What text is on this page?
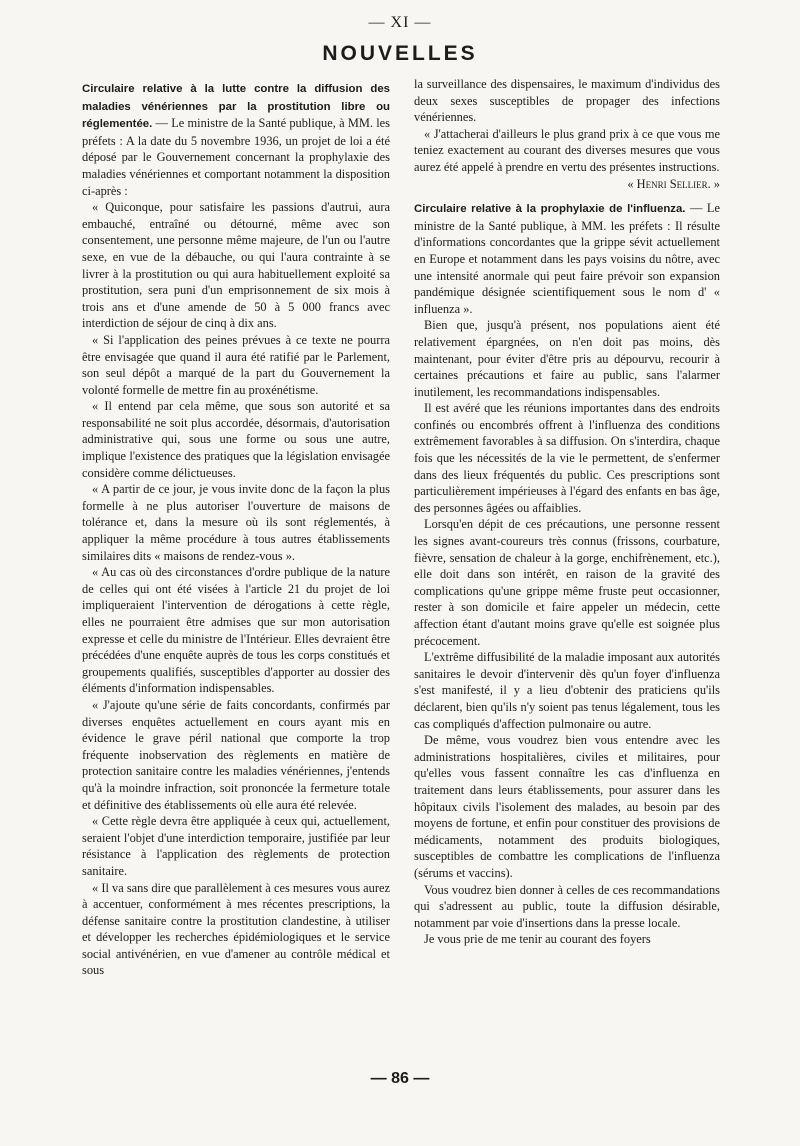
— XI —
NOUVELLES

Circulaire relative à la lutte contre la diffusion des maladies vénériennes par la prostitution libre ou réglementée. — Le ministre de la Santé publique, à MM. les préfets : A la date du 5 novembre 1936, un projet de loi a été déposé par le Gouvernement concernant la prophylaxie des maladies vénériennes et comportant notamment la disposition ci-après :

« Quiconque, pour satisfaire les passions d'autrui, aura embauché, entraîné ou détourné, même avec son consentement, une personne même majeure, de l'un ou l'autre sexe, en vue de la débauche, ou qui l'aura contrainte à se livrer à la prostitution ou qui aura habituellement exploité sa prostitution, sera puni d'un emprisonnement de six mois à trois ans et d'une amende de 50 à 5 000 francs avec interdiction de séjour de cinq à dix ans.

« Si l'application des peines prévues à ce texte ne pourra être envisagée que quand il aura été ratifié par le Parlement, son seul dépôt a marqué de la part du Gouvernement la volonté formelle de mettre fin au proxénétisme.

« Il entend par cela même, que sous son autorité et sa responsabilité ne soit plus accordée, désormais, d'autorisation administrative qui, sous une forme ou sous une autre, implique l'existence des pratiques que la législation envisagée considère comme délictueuses.

« A partir de ce jour, je vous invite donc de la façon la plus formelle à ne plus autoriser l'ouverture de maisons de tolérance et, dans la mesure où ils sont réglementés, à appliquer la même procédure à tous autres établissements similaires dits « maisons de rendez-vous ».

« Au cas où des circonstances d'ordre publique de la nature de celles qui ont été visées à l'article 21 du projet de loi impliqueraient l'intervention de dérogations à cette règle, elles ne pourraient être admises que sur mon autorisation expresse et celle du ministre de l'Intérieur. Elles devraient être précédées d'une enquête auprès de tous les corps constitués et groupements qualifiés, susceptibles d'apporter au dossier des éléments d'information indispensables.

« J'ajoute qu'une série de faits concordants, confirmés par diverses enquêtes actuellement en cours ayant mis en évidence le grave péril national que comporte la trop fréquente inobservation des règlements en matière de protection sanitaire contre les maladies vénériennes, j'entends qu'à la moindre infraction, soit prononcée la fermeture totale et définitive des établissements où elle aura été relevée.

« Cette règle devra être appliquée à ceux qui, actuellement, seraient l'objet d'une interdiction temporaire, justifiée par leur résistance à l'application des règlements de protection sanitaire.

« Il va sans dire que parallèlement à ces mesures vous aurez à accentuer, conformément à mes récentes prescriptions, la défense sanitaire contre la prostitution clandestine, à utiliser et développer les recherches épidémiologiques et le service social antivénérien, en vue d'amener au contrôle médical et sous

la surveillance des dispensaires, le maximum d'individus des deux sexes susceptibles de propager des infections vénériennes.

« J'attacherai d'ailleurs le plus grand prix à ce que vous me teniez exactement au courant des diverses mesures que vous aurez été appelé à prendre en vertu des présentes instructions.

« Henri Sellier. »

Circulaire relative à la prophylaxie de l'influenza. — Le ministre de la Santé publique, à MM. les préfets : Il résulte d'informations concordantes que la grippe sévit actuellement en Europe et notamment dans les pays voisins du nôtre, avec une intensité anormale qui peut faire prévoir son expansion pandémique désignée scientifiquement sous le nom d' « influenza ».

Bien que, jusqu'à présent, nos populations aient été relativement épargnées, on n'en doit pas moins, dès maintenant, pour éviter d'être pris au dépourvu, recourir à certaines précautions et faire au public, sans l'alarmer inutilement, les recommandations indispensables.

Il est avéré que les réunions importantes dans des endroits confinés ou encombrés offrent à l'influenza des conditions extrêmement favorables à sa diffusion. On s'interdira, chaque fois que les nécessités de la vie le permettent, de s'enfermer dans des lieux fréquentés du public. Ces prescriptions sont particulièrement impérieuses à l'égard des enfants en bas âge, des personnes âgées ou affaiblies.

Lorsqu'en dépit de ces précautions, une personne ressent les signes avant-coureurs très connus (frissons, courbature, fièvre, sensation de chaleur à la gorge, enchifrènement, etc.), elle doit dans son intérêt, en raison de la gravité des complications qu'une grippe même fruste peut occasionner, rester à son domicile et faire appeler un médecin, cette affection étant d'autant moins grave qu'elle est soignée plus précocement.

L'extrême diffusibilité de la maladie imposant aux autorités sanitaires le devoir d'intervenir dès qu'un foyer d'influenza s'est manifesté, il y a lieu d'obtenir des praticiens qu'ils déclarent, bien qu'ils n'y soient pas tenus légalement, tous les cas compliqués d'affection pulmonaire ou autre.

De même, vous voudrez bien vous entendre avec les administrations hospitalières, civiles et militaires, pour qu'elles vous fassent connaître les cas d'influenza en traitement dans leurs établissements, pour assurer dans les hôpitaux civils l'isolement des malades, au besoin par des moyens de fortune, et enfin pour constituer des provisions de médicaments, notamment des produits biologiques, susceptibles de combattre les complications de l'influenza (sérums et vaccins).

Vous voudrez bien donner à celles de ces recommandations qui s'adressent au public, toute la diffusion désirable, notamment par voie d'insertions dans la presse locale.

Je vous prie de me tenir au courant des foyers

— 86 —
